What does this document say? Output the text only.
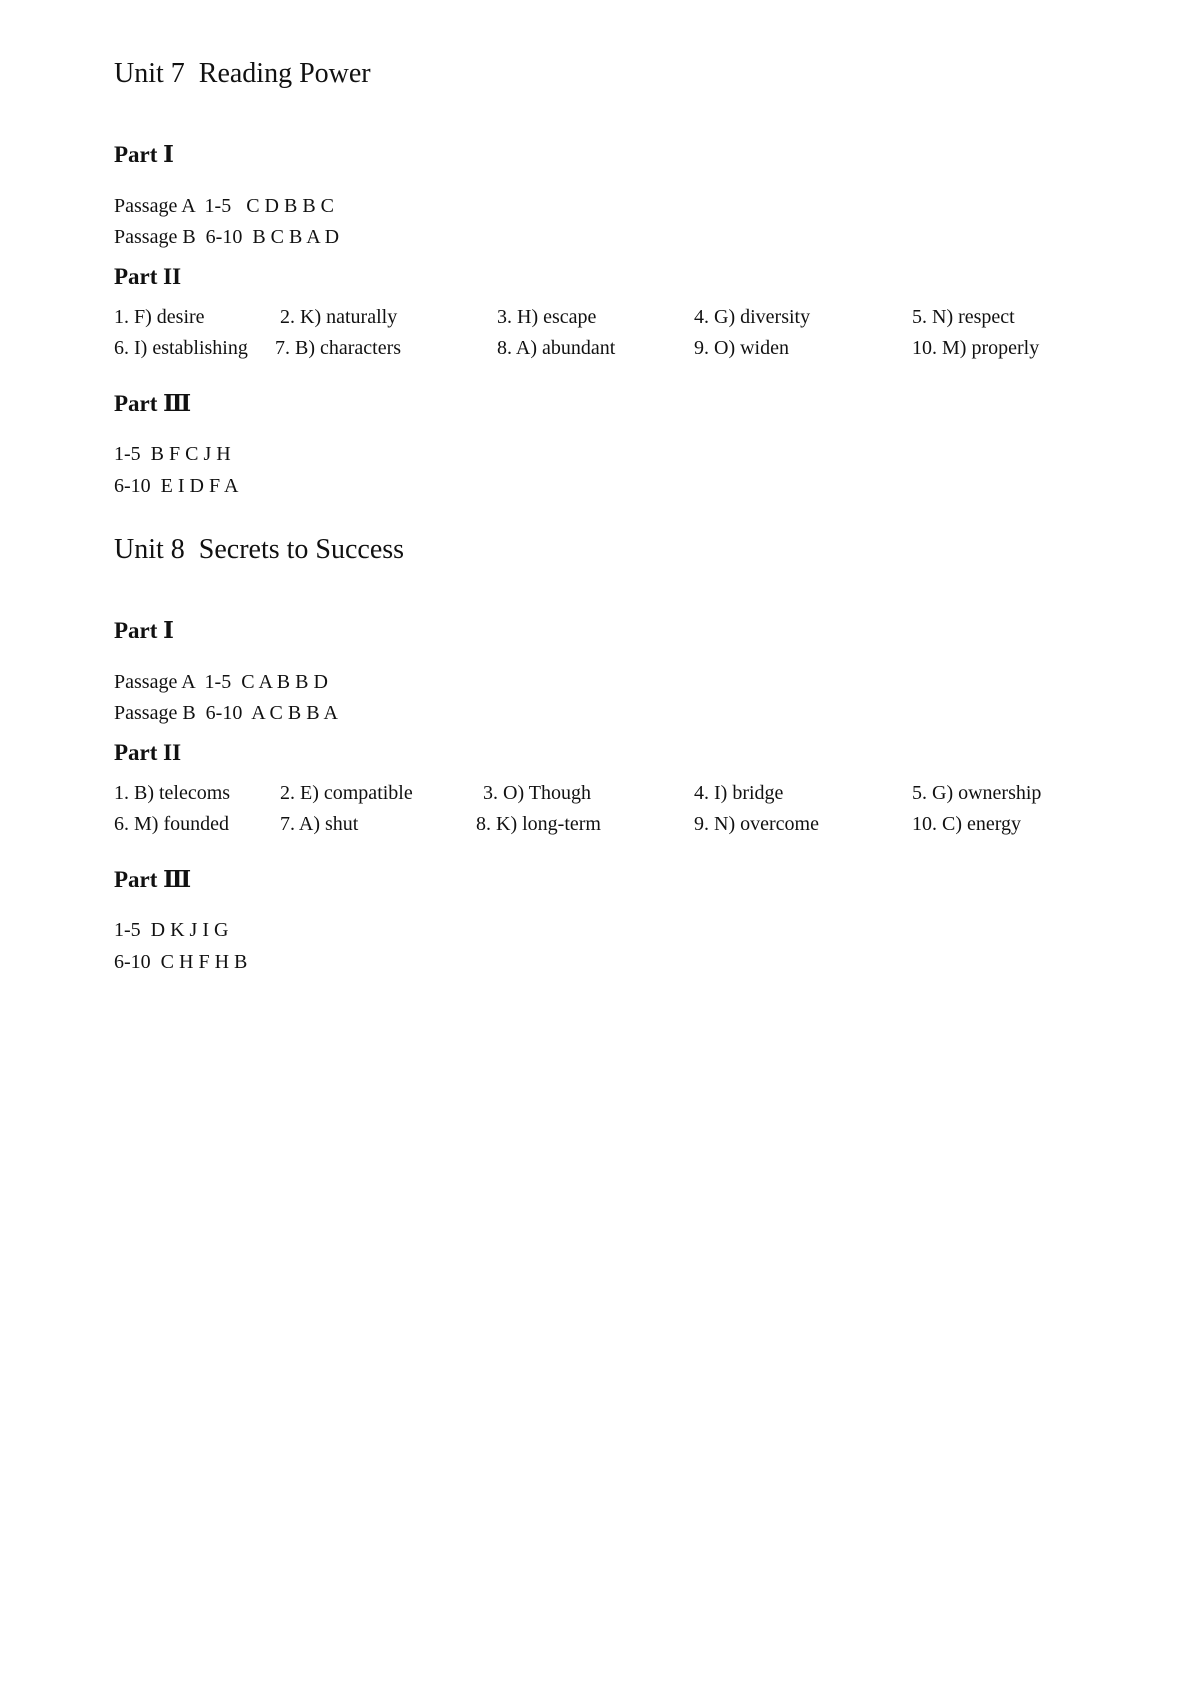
Unit 7  Reading Power
Part Ⅰ

Passage A  1-5   C D B B C

Passage B  6-10  B C B A D

Part II
1. F) desire	2. K) naturally	3. H) escape	4. G) diversity	5. N) respect
6. I) establishing 7. B) characters	8. A) abundant	9. O) widen	10. M) properly
Part Ⅲ

1-5  B F C J H

6-10  E I D F A

Unit 8  Secrets to Success
Part Ⅰ

Passage A  1-5  C A B B D

Passage B  6-10  A C B B A

Part II
1. B) telecoms 2. E) compatible	3. O) Though	4. I) bridge	5. G) ownership
6. M) founded	7. A) shut	8. K) long-term	9. N) overcome	10. C) energy
Part Ⅲ

1-5  D K J I G

6-10  C H F H B
